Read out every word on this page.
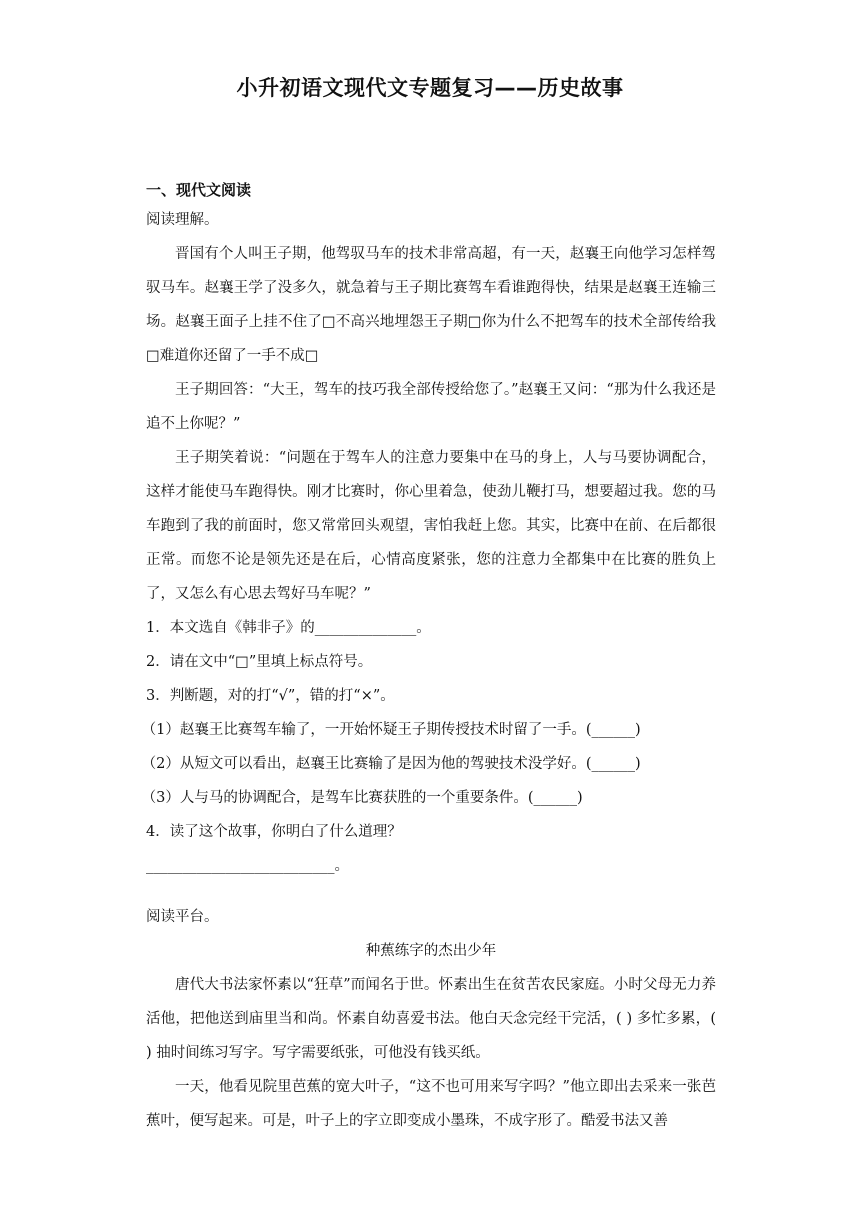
小升初语文现代文专题复习——历史故事

一、现代文阅读

阅读理解。

晋国有个人叫王子期，他驾驭马车的技术非常高超，有一天，赵襄王向他学习怎样驾驭马车。赵襄王学了没多久，就急着与王子期比赛驾车看谁跑得快，结果是赵襄王连输三场。赵襄王面子上挂不住了□不高兴地埋怨王子期□你为什么不把驾车的技术全部传给我□难道你还留了一手不成□

王子期回答：“大王，驾车的技巧我全部传授给您了。”赵襄王又问：“那为什么我还是追不上你呢？”

王子期笑着说：“问题在于驾车人的注意力要集中在马的身上，人与马要协调配合，这样才能使马车跑得快。刚才比赛时，你心里着急，使劲儿鞭打马，想要超过我。您的马车跑到了我的前面时，您又常常回头观望，害怕我赶上您。其实，比赛中在前、在后都很正常。而您不论是领先还是在后，心情高度紧张，您的注意力全都集中在比赛的胜负上了，又怎么有心思去驾好马车呢？”

1．本文选自《韩非子》的______________。

2．请在文中“□”里填上标点符号。

3．判断题，对的打“√”，错的打“×”。

（1）赵襄王比赛驾车输了，一开始怀疑王子期传授技术时留了一手。(______)

（2）从短文可以看出，赵襄王比赛输了是因为他的驾驶技术没学好。(______)

（3）人与马的协调配合，是驾车比赛获胜的一个重要条件。(______)

4．读了这个故事，你明白了什么道理？

__________________________。

阅读平台。

种蕉练字的杰出少年

唐代大书法家怀素以“狂草”而闻名于世。怀素出生在贫苦农民家庭。小时父母无力养活他，把他送到庙里当和尚。怀素自幼喜爱书法。他白天念完经干完活，( ) 多忙多累，( ) 抽时间练习写字。写字需要纸张，可他没有钱买纸。

一天，他看见院里芭蕉的宽大叶子，“这不也可用来写字吗？”他立即出去采来一张芭蕉叶，便写起来。可是，叶子上的字立即变成小墨珠，不成字形了。酷爱书法又善
